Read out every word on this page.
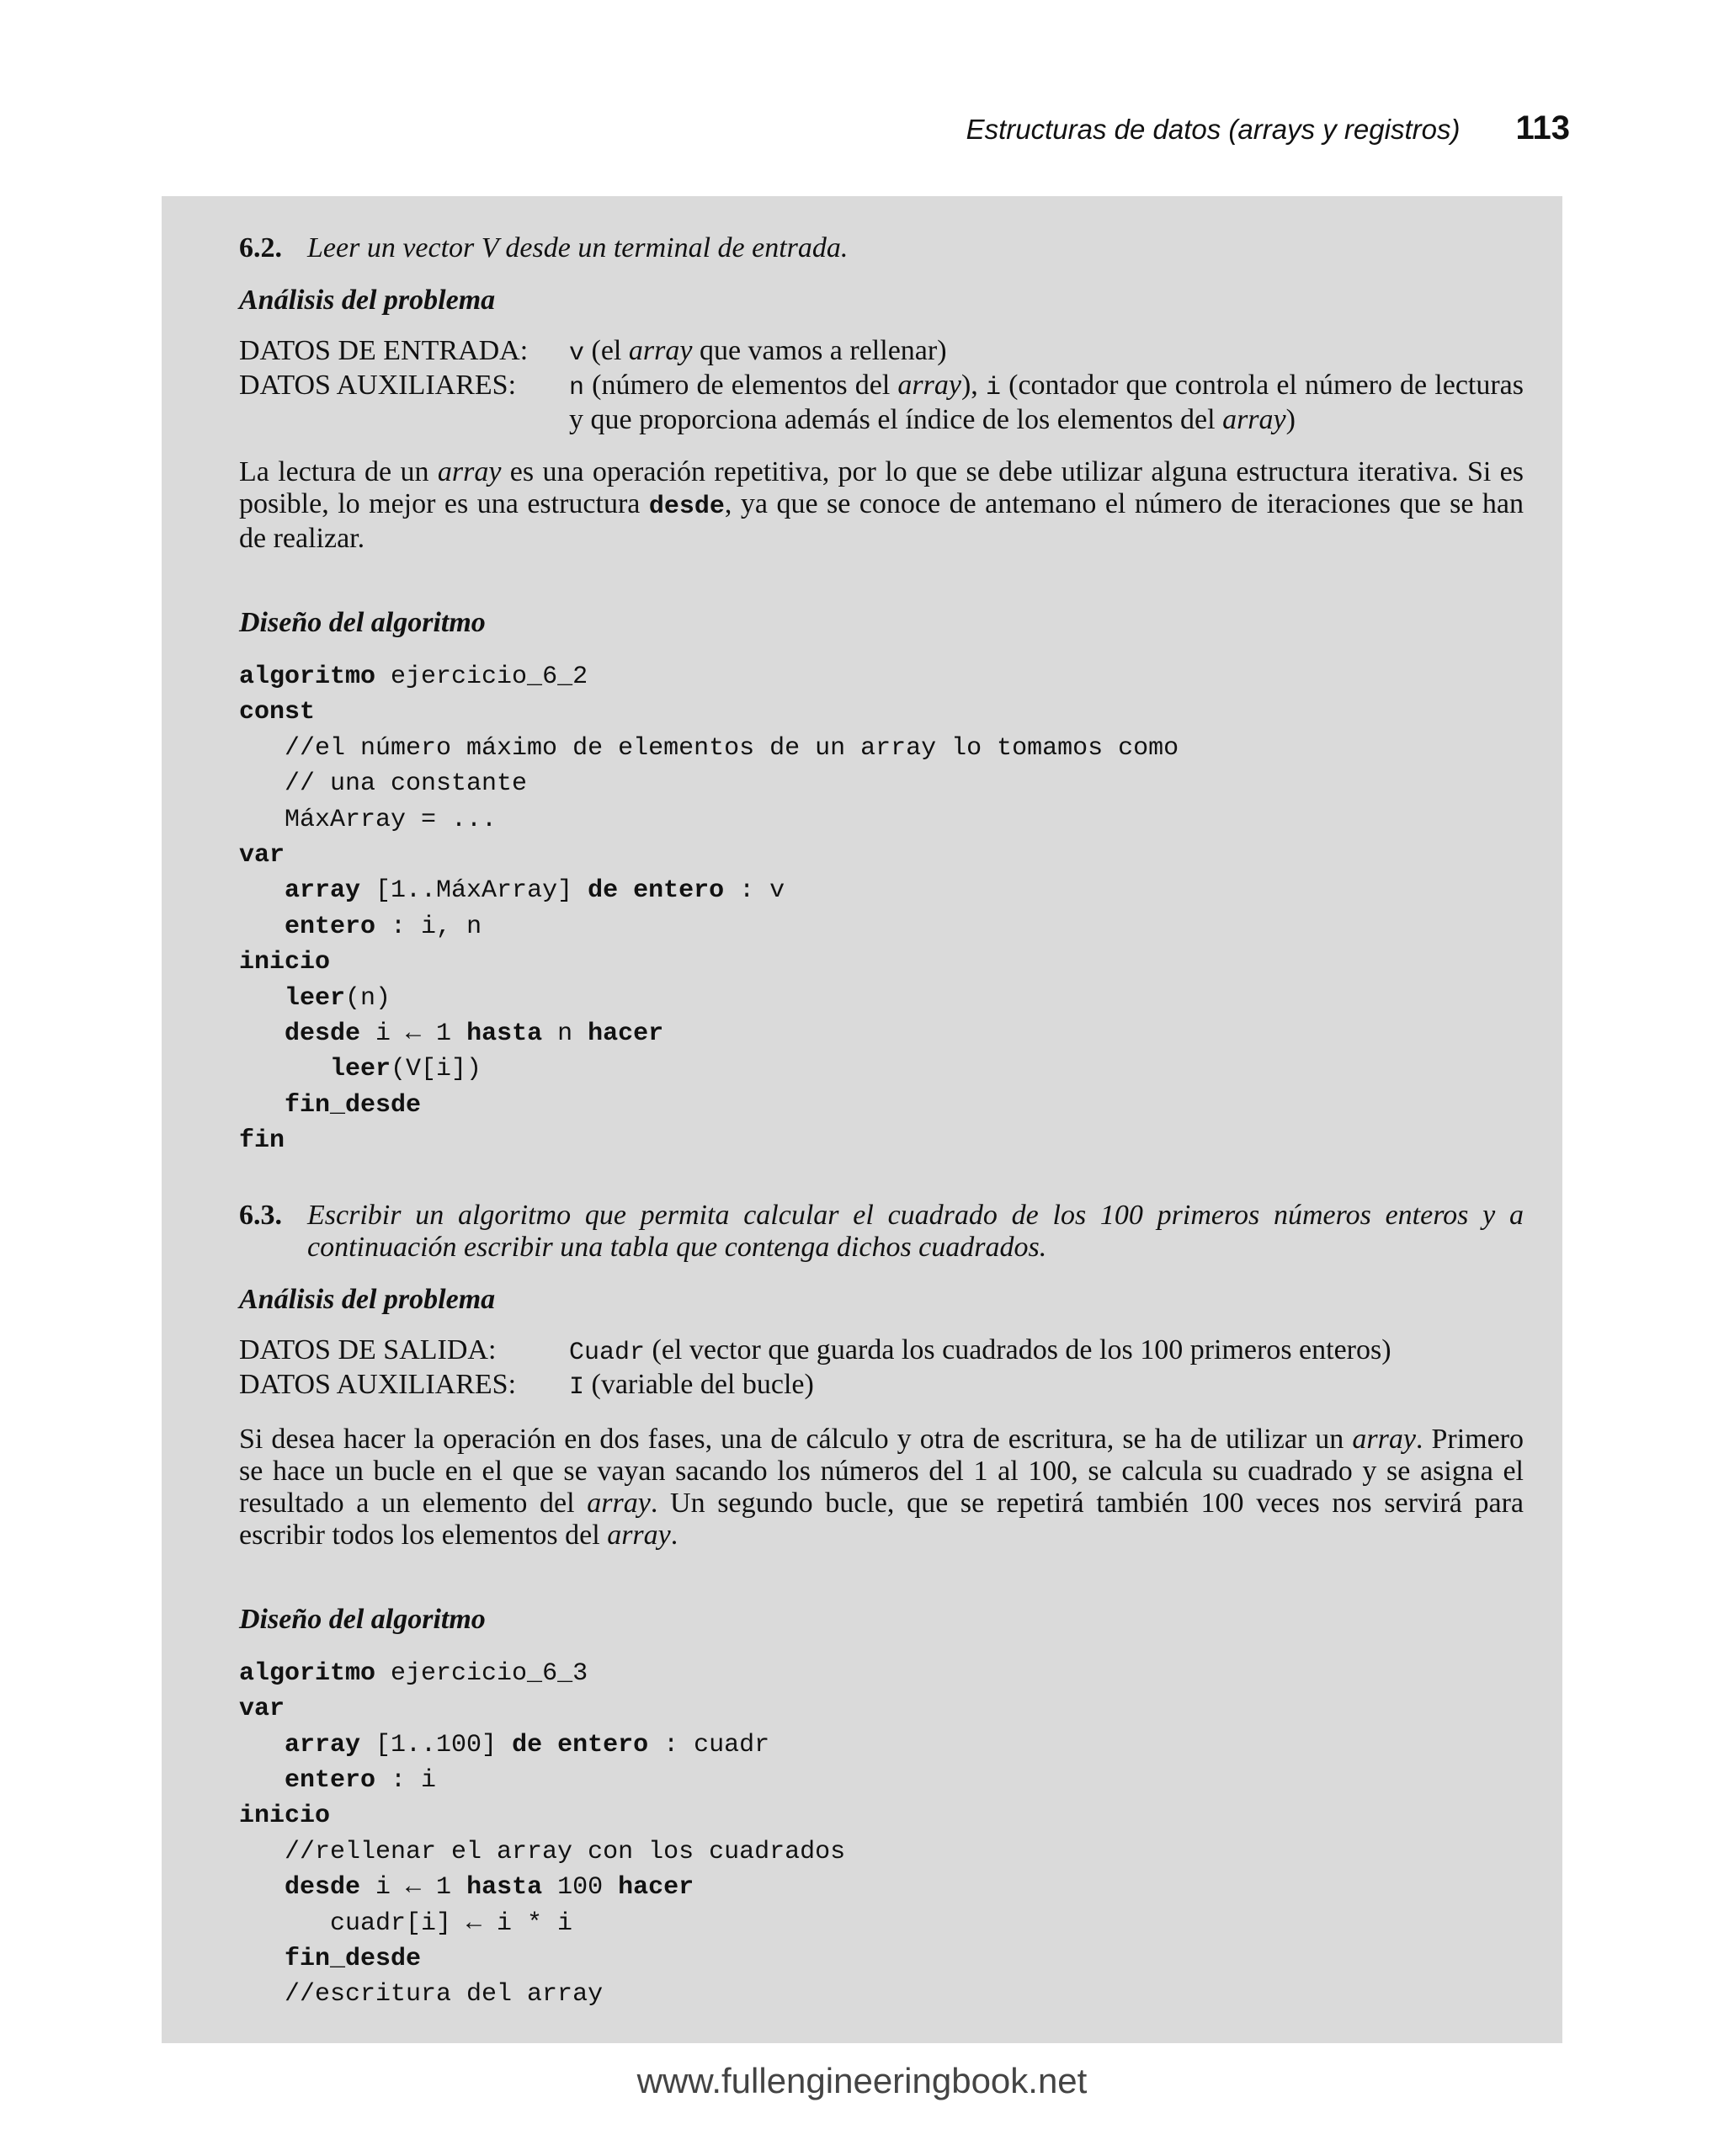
Estructuras de datos (arrays y registros) 113
6.2. Leer un vector V desde un terminal de entrada.
Análisis del problema
DATOS DE ENTRADA:	v (el array que vamos a rellenar)
DATOS AUXILIARES:	n (número de elementos del array), i (contador que controla el número de lecturas y que proporciona además el índice de los elementos del array)
La lectura de un array es una operación repetitiva, por lo que se debe utilizar alguna estructura iterativa. Si es posible, lo mejor es una estructura desde, ya que se conoce de antemano el número de iteraciones que se han de realizar.
Diseño del algoritmo
algoritmo ejercicio_6_2
const
//el número máximo de elementos de un array lo tomamos como
// una constante
MáxArray = ...
var
array [1..MáxArray] de entero : v
entero : i, n
inicio
leer(n)
desde i ← 1 hasta n hacer
leer(V[i])
fin_desde
fin
6.3. Escribir un algoritmo que permita calcular el cuadrado de los 100 primeros números enteros y a continuación escribir una tabla que contenga dichos cuadrados.
Análisis del problema
DATOS DE SALIDA:	Cuadr (el vector que guarda los cuadrados de los 100 primeros enteros)
DATOS AUXILIARES:	I (variable del bucle)
Si desea hacer la operación en dos fases, una de cálculo y otra de escritura, se ha de utilizar un array. Primero se hace un bucle en el que se vayan sacando los números del 1 al 100, se calcula su cuadrado y se asigna el resultado a un elemento del array. Un segundo bucle, que se repetirá también 100 veces nos servirá para escribir todos los elementos del array.
Diseño del algoritmo
algoritmo ejercicio_6_3
var
array [1..100] de entero : cuadr
entero : i
inicio
//rellenar el array con los cuadrados
desde i ← 1 hasta 100 hacer
cuadr[i] ← i * i
fin_desde
//escritura del array
www.fullengineeringbook.net
